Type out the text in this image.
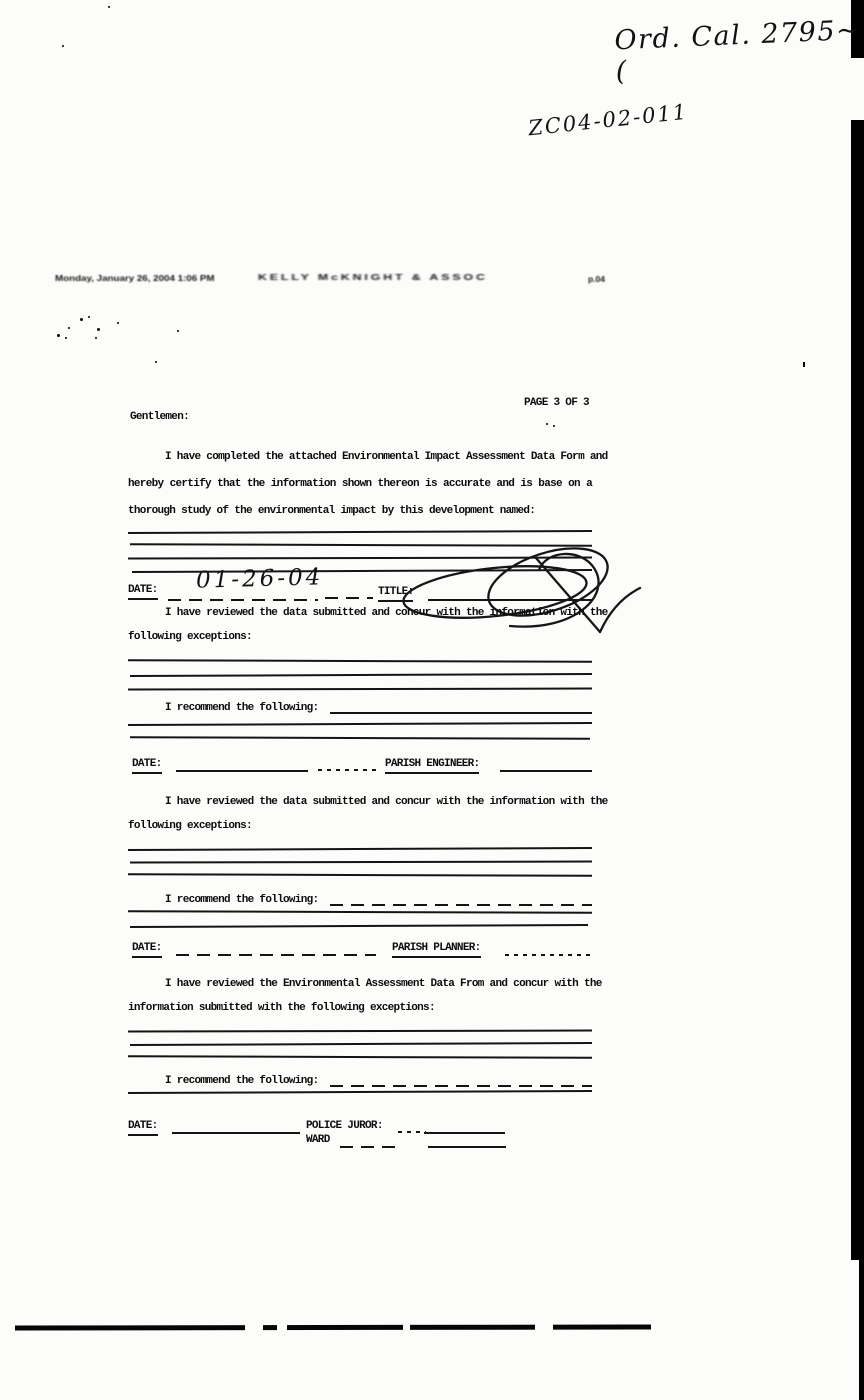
Ord. Cal. 2795~(
ZC04-02-011
Monday, January 26, 2004 1:06 PM	KELLY McKNIGHT & ASSOC	p.04
PAGE 3 OF 3
Gentlemen:
I have completed the attached Environmental Impact Assessment Data Form and
hereby certify that the information shown thereon is accurate and is base on a
thorough study of the environmental impact by this development named:
DATE: 01-26-04	TITLE:
I have reviewed the data submitted and concur with the information with the
following exceptions:
I recommend the following:
DATE:	PARISH ENGINEER:
I have reviewed the data submitted and concur with the information with the
following exceptions:
I recommend the following:
DATE:	PARISH PLANNER:
I have reviewed the Environmental Assessment Data From and concur with the
information submitted with the following exceptions:
I recommend the following:
DATE:	POLICE JUROR:
WARD
